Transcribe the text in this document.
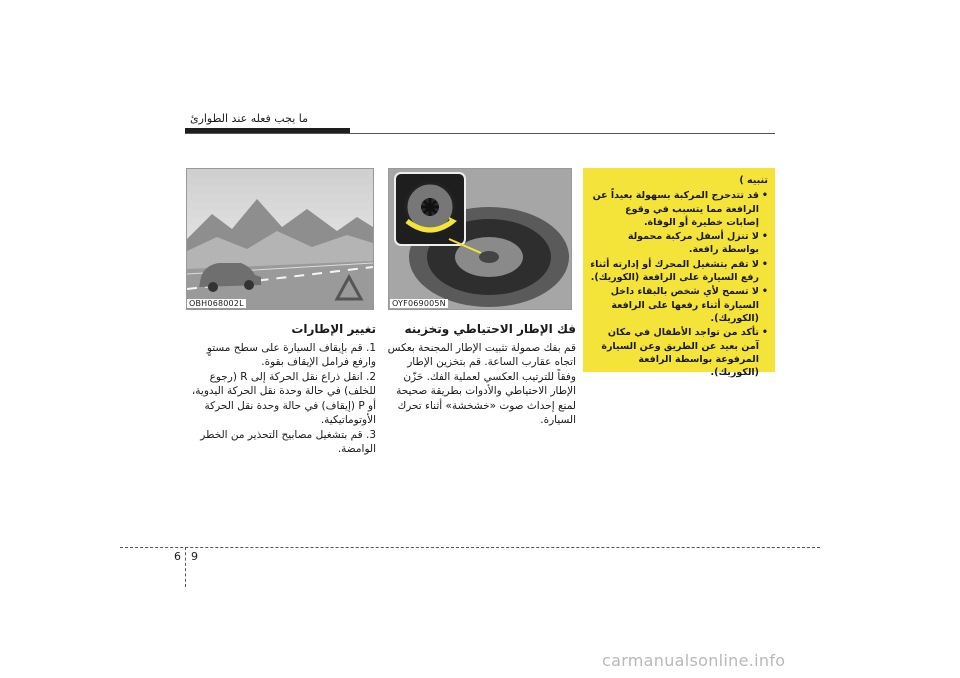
ما يجب فعله عند الطوارئ
OBH068002L	OYF069005N
تغيير الإطارات

1. قم بإيقاف السيارة على سطح مستوٍ وارفع فرامل الإيقاف بقوة.

2. انقل ذراع نقل الحركة إلى R (رجوع للخلف) في حالة وحدة نقل الحركة اليدوية، أو P (إيقاف) في حالة وحدة نقل الحركة الأوتوماتيكية.

3. قم بتشغيل مصابيح التحذير من الخطر الوامضة.

فك الإطار الاحتياطي وتخزينه

قم بفك صمولة تثبيت الإطار المجنحة بعكس اتجاه عقارب الساعة. قم بتخزين الإطار وفقاً للترتيب العكسي لعملية الفك. حَزّن الإطار الاحتياطي والأدوات بطريقة صحيحة لمنع إحداث صوت «خشخشة» أثناء تحرك السيارة.

تنبيه )
• قد تتدحرج المركبة بسهولة بعيداً عن الرافعة مما يتسبب في وقوع إصابات خطيرة أو الوفاة.
• لا تنزل أسفل مركبة محمولة بواسطة رافعة.
• لا تقم بتشغيل المحرك أو إدارته أثناء رفع السيارة على الرافعة (الكوريك).
• لا تسمح لأي شخص بالبقاء داخل السيارة أثناء رفعها على الرافعة (الكوريك).
• تأكد من تواجد الأطفال في مكان آمن بعيد عن الطريق وعن السيارة المرفوعة بواسطة الرافعة (الكوريك).
6 9
carmanualsonline.info
